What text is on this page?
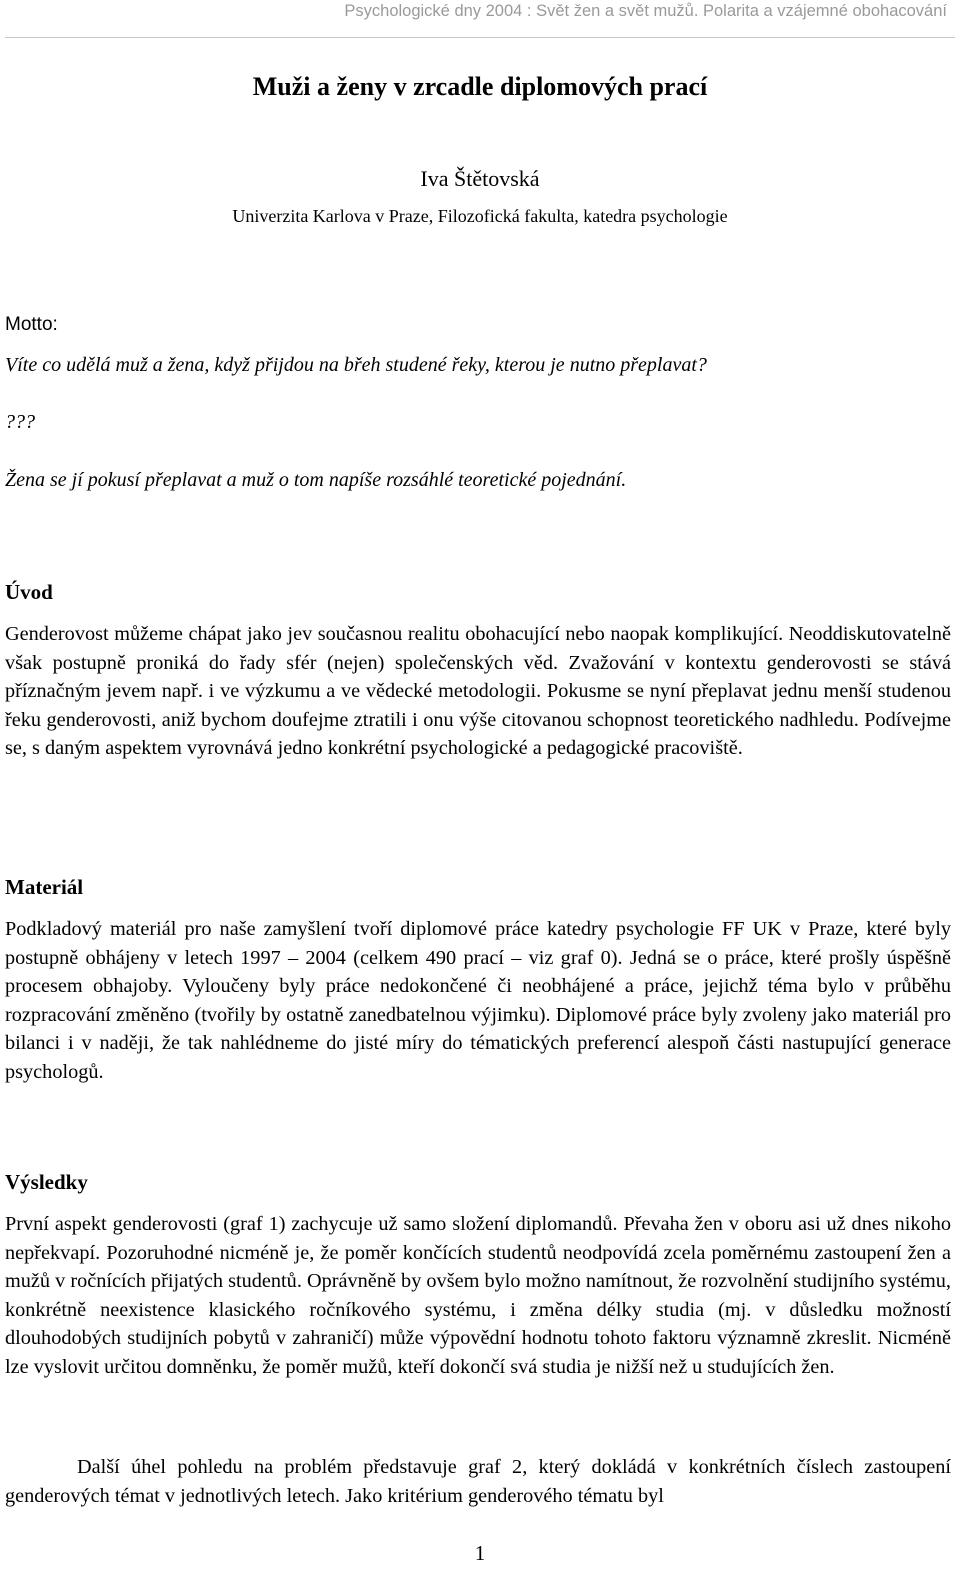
Psychologické dny 2004 : Svět žen a svět mužů. Polarita a vzájemné obohacování
Muži a ženy v zrcadle diplomových prací
Iva Štětovská
Univerzita Karlova v Praze, Filozofická fakulta, katedra psychologie
Motto:
Víte co udělá muž a žena, když přijdou na břeh studené řeky, kterou je nutno přeplavat?
???
Žena se jí pokusí přeplavat a muž o tom napíše rozsáhlé teoretické pojednání.
Úvod

Genderovost můžeme chápat jako jev současnou realitu obohacující nebo naopak komplikující. Neoddiskutovatelně však postupně proniká do řady sfér (nejen) společenských věd. Zvažování v kontextu genderovosti se stává příznačným jevem např. i ve výzkumu a ve vědecké metodologii. Pokusme se nyní přeplavat jednu menší studenou řeku genderovosti, aniž bychom doufejme ztratili i onu výše citovanou schopnost teoretického nadhledu. Podívejme se, s daným aspektem vyrovnává jedno konkrétní psychologické a pedagogické pracoviště.

Materiál

Podkladový materiál pro naše zamyšlení tvoří diplomové práce katedry psychologie FF UK v Praze, které byly postupně obhájeny v letech 1997 – 2004 (celkem 490 prací – viz graf 0). Jedná se o práce, které prošly úspěšně procesem obhajoby. Vyloučeny byly práce nedokončené či neobhájené a práce, jejichž téma bylo v průběhu rozpracování změněno (tvořily by ostatně zanedbatelnou výjimku). Diplomové práce byly zvoleny jako materiál pro bilanci i v naději, že tak nahlédneme do jisté míry do tématických preferencí alespoň části nastupující generace psychologů.

Výsledky

První aspekt genderovosti (graf 1) zachycuje už samo složení diplomandů. Převaha žen v oboru asi už dnes nikoho nepřekvapí. Pozoruhodné nicméně je, že poměr končících studentů neodpovídá zcela poměrnému zastoupení žen a mužů v ročnících přijatých studentů. Oprávněně by ovšem bylo možno namítnout, že rozvolnění studijního systému, konkrétně neexistence klasického ročníkového systému, i změna délky studia (mj. v důsledku možností dlouhodobých studijních pobytů v zahraničí) může výpovědní hodnotu tohoto faktoru významně zkreslit. Nicméně lze vyslovit určitou domněnku, že poměr mužů, kteří dokončí svá studia je nižší než u studujících žen.

Další úhel pohledu na problém představuje graf 2, který dokládá v konkrétních číslech zastoupení genderových témat v jednotlivých letech. Jako kritérium genderového tématu byl

1
